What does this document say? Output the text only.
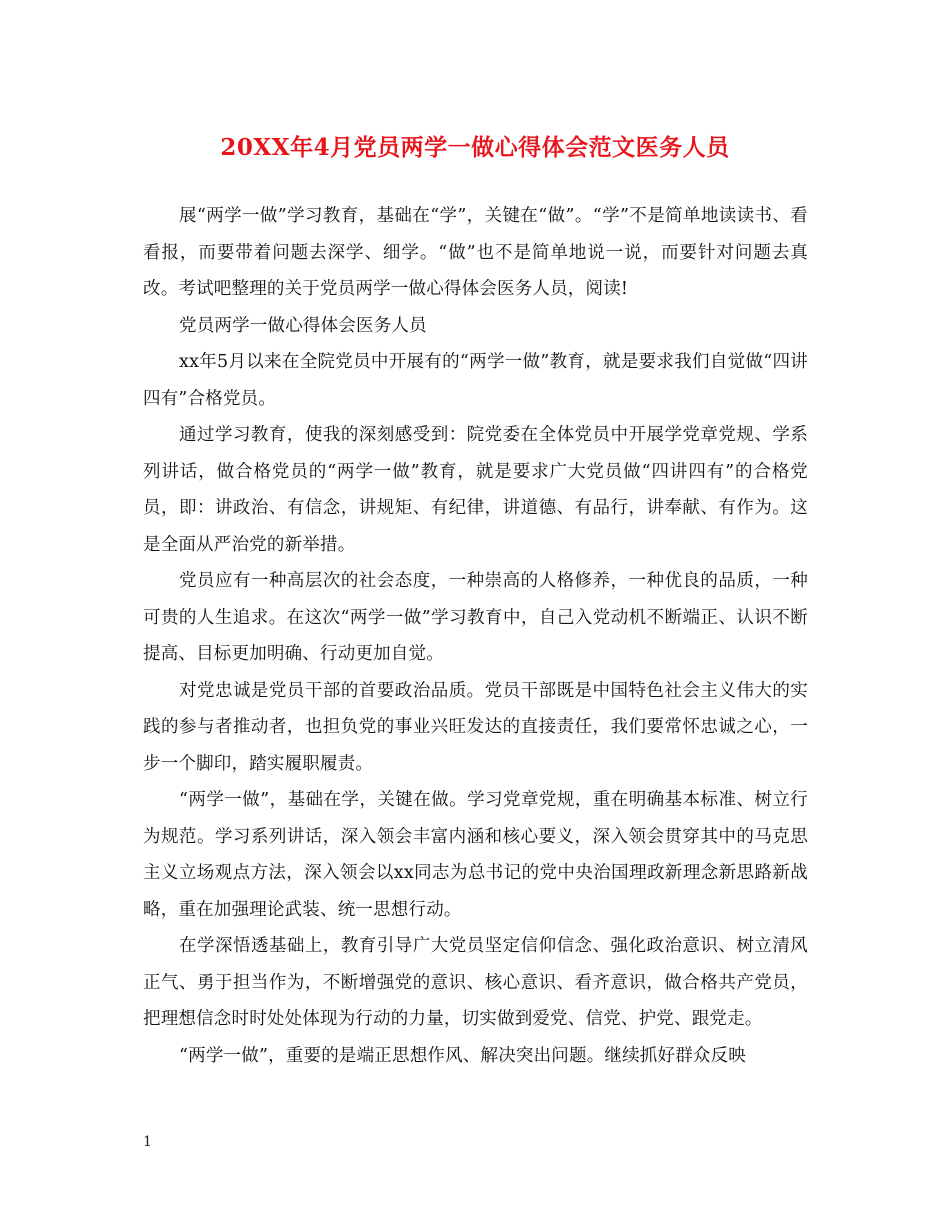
20XX年4月党员两学一做心得体会范文医务人员

展“两学一做”学习教育，基础在“学”，关键在“做”。“学”不是简单地读读书、看看报，而要带着问题去深学、细学。“做”也不是简单地说一说，而要针对问题去真改。考试吧整理的关于党员两学一做心得体会医务人员，阅读!

党员两学一做心得体会医务人员

xx年5月以来在全院党员中开展有的“两学一做”教育，就是要求我们自觉做“四讲四有”合格党员。

通过学习教育，使我的深刻感受到：院党委在全体党员中开展学党章党规、学系列讲话，做合格党员的“两学一做”教育，就是要求广大党员做“四讲四有”的合格党员，即：讲政治、有信念，讲规矩、有纪律，讲道德、有品行，讲奉献、有作为。这是全面从严治党的新举措。

党员应有一种高层次的社会态度，一种崇高的人格修养，一种优良的品质，一种可贵的人生追求。在这次“两学一做”学习教育中，自己入党动机不断端正、认识不断提高、目标更加明确、行动更加自觉。

对党忠诚是党员干部的首要政治品质。党员干部既是中国特色社会主义伟大的实践的参与者推动者，也担负党的事业兴旺发达的直接责任，我们要常怀忠诚之心，一步一个脚印，踏实履职履责。

“两学一做”，基础在学，关键在做。学习党章党规，重在明确基本标准、树立行为规范。学习系列讲话，深入领会丰富内涵和核心要义，深入领会贯穿其中的马克思主义立场观点方法，深入领会以xx同志为总书记的党中央治国理政新理念新思路新战略，重在加强理论武装、统一思想行动。

在学深悟透基础上，教育引导广大党员坚定信仰信念、强化政治意识、树立清风正气、勇于担当作为，不断增强党的意识、核心意识、看齐意识，做合格共产党员，把理想信念时时处处体现为行动的力量，切实做到爱党、信党、护党、跟党走。

“两学一做”，重要的是端正思想作风、解决突出问题。继续抓好群众反映

1
